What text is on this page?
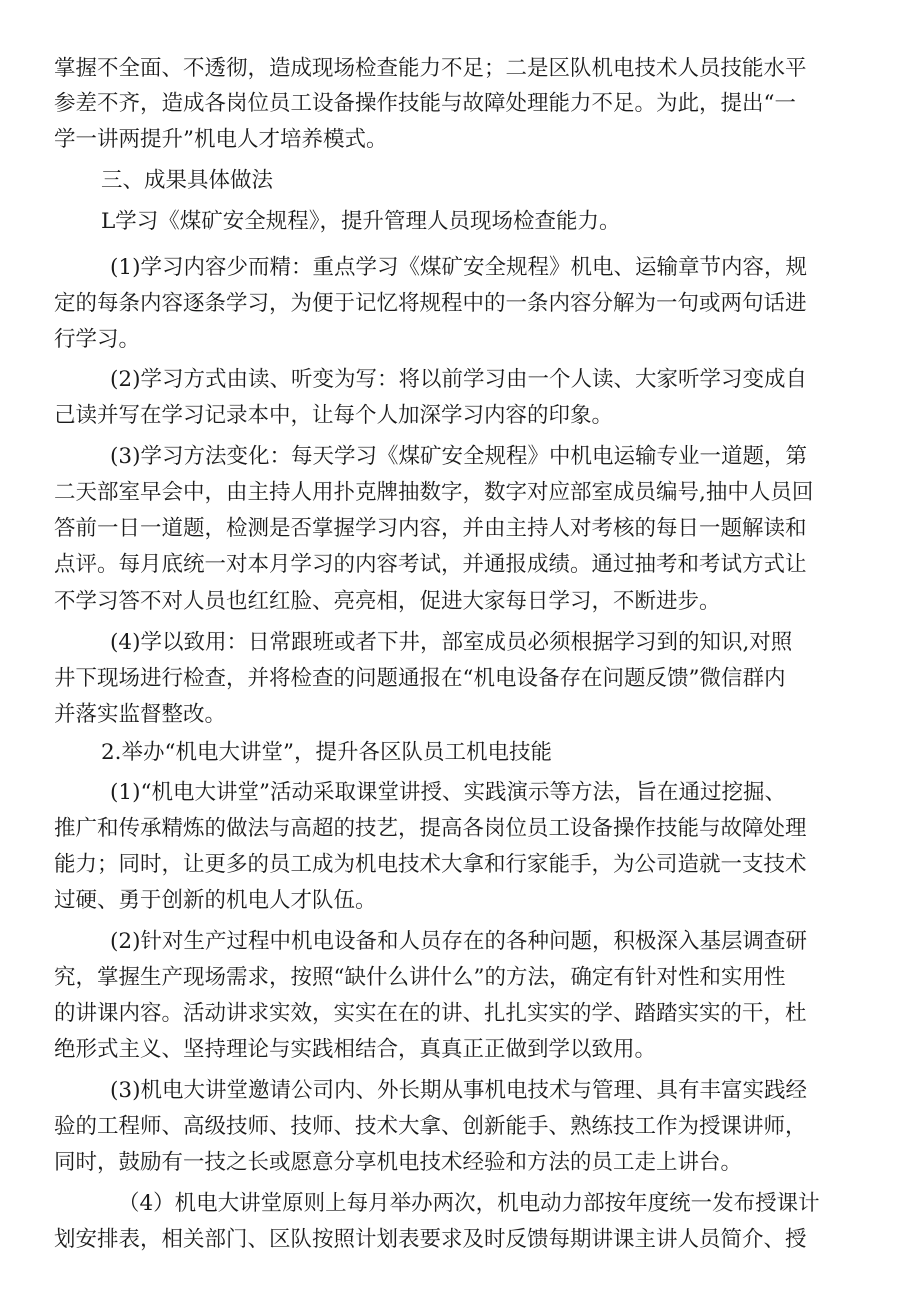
掌握不全面、不透彻，造成现场检查能力不足；二是区队机电技术人员技能水平
参差不齐，造成各岗位员工设备操作技能与故障处理能力不足。为此，提出“一
学一讲两提升”机电人才培养模式。
三、成果具体做法
L学习《煤矿安全规程》，提升管理人员现场检查能力。
(1)学习内容少而精：重点学习《煤矿安全规程》机电、运输章节内容，规
定的每条内容逐条学习，为便于记忆将规程中的一条内容分解为一句或两句话进
行学习。
(2)学习方式由读、听变为写：将以前学习由一个人读、大家听学习变成自
己读并写在学习记录本中，让每个人加深学习内容的印象。
(3)学习方法变化：每天学习《煤矿安全规程》中机电运输专业一道题，第
二天部室早会中，由主持人用扑克牌抽数字，数字对应部室成员编号,抽中人员回
答前一日一道题，检测是否掌握学习内容，并由主持人对考核的每日一题解读和
点评。每月底统一对本月学习的内容考试，并通报成绩。通过抽考和考试方式让
不学习答不对人员也红红脸、亮亮相，促进大家每日学习，不断进步。
(4)学以致用：日常跟班或者下井，部室成员必须根据学习到的知识,对照
井下现场进行检查，并将检查的问题通报在“机电设备存在问题反馈”微信群内
并落实监督整改。
2.举办“机电大讲堂”，提升各区队员工机电技能
(1)“机电大讲堂”活动采取课堂讲授、实践演示等方法，旨在通过挖掘、
推广和传承精炼的做法与高超的技艺，提高各岗位员工设备操作技能与故障处理
能力；同时，让更多的员工成为机电技术大拿和行家能手，为公司造就一支技术
过硬、勇于创新的机电人才队伍。
(2)针对生产过程中机电设备和人员存在的各种问题，积极深入基层调查研
究，掌握生产现场需求，按照“缺什么讲什么”的方法，确定有针对性和实用性
的讲课内容。活动讲求实效，实实在在的讲、扎扎实实的学、踏踏实实的干，杜
绝形式主义、坚持理论与实践相结合，真真正正做到学以致用。
(3)机电大讲堂邀请公司内、外长期从事机电技术与管理、具有丰富实践经
验的工程师、高级技师、技师、技术大拿、创新能手、熟练技工作为授课讲师，
同时，鼓励有一技之长或愿意分享机电技术经验和方法的员工走上讲台。
（4）机电大讲堂原则上每月举办两次，机电动力部按年度统一发布授课计
划安排表，相关部门、区队按照计划表要求及时反馈每期讲课主讲人员简介、授
